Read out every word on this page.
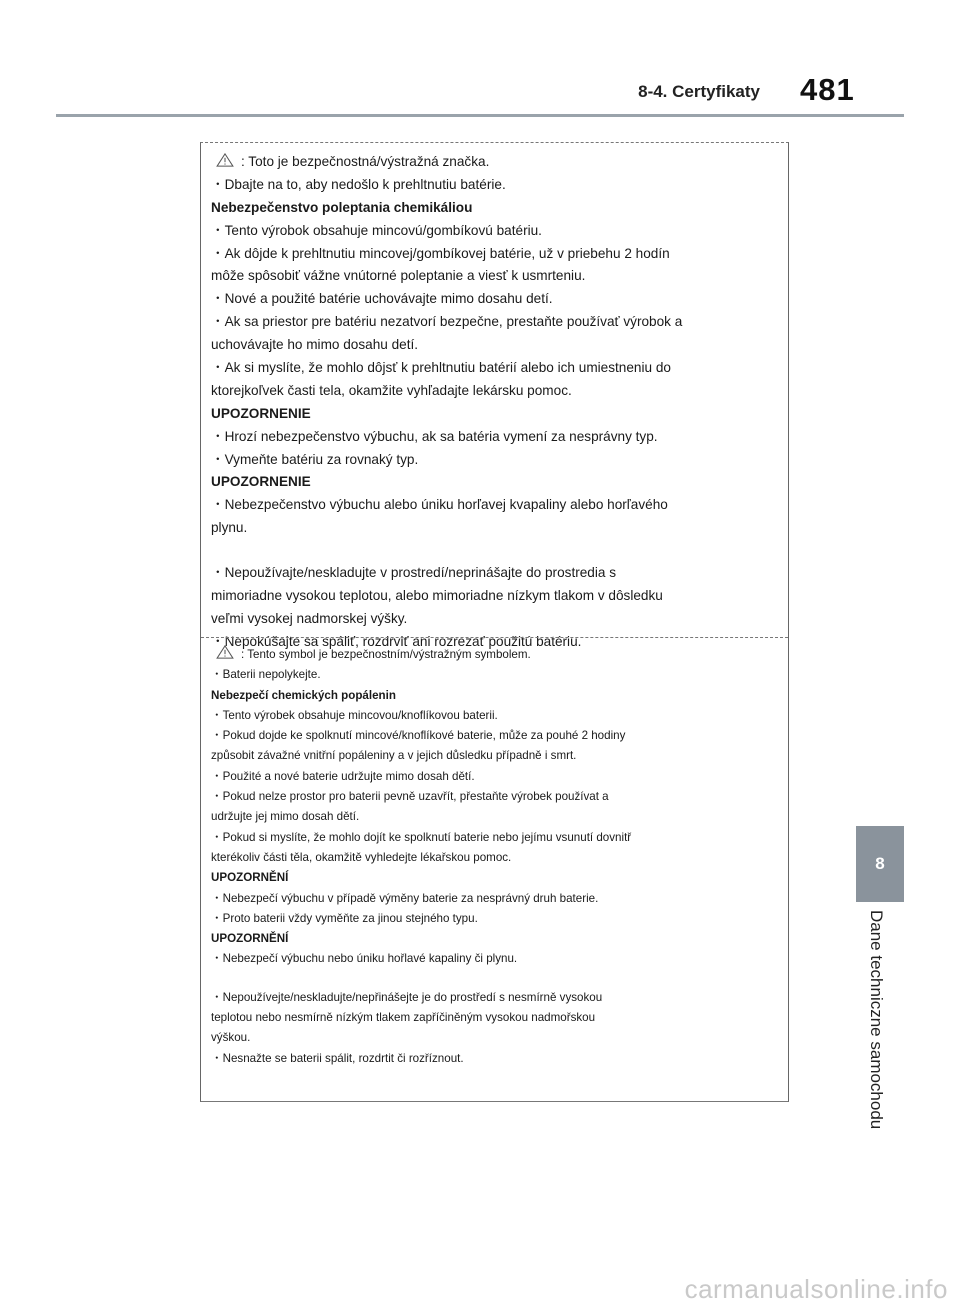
8-4. Certyfikaty 481
8
Dane techniczne samochodu
: Toto je bezpečnostná/výstražná značka.
・Dbajte na to, aby nedošlo k prehltnutiu batérie.
Nebezpečenstvo poleptania chemikáliou
・Tento výrobok obsahuje mincovú/gombíkovú batériu.
・Ak dôjde k prehltnutiu mincovej/gombíkovej batérie, už v priebehu 2 hodín
môže spôsobiť vážne vnútorné poleptanie a viesť k usmrteniu.
・Nové a použité batérie uchovávajte mimo dosahu detí.
・Ak sa priestor pre batériu nezatvorí bezpečne, prestaňte používať výrobok a
uchovávajte ho mimo dosahu detí.
・Ak si myslíte, že mohlo dôjsť k prehltnutiu batérií alebo ich umiestneniu do
ktorejkoľvek časti tela, okamžite vyhľadajte lekársku pomoc.
UPOZORNENIE
・Hrozí nebezpečenstvo výbuchu, ak sa batéria vymení za nesprávny typ.
・Vymeňte batériu za rovnaký typ.
UPOZORNENIE
・Nebezpečenstvo výbuchu alebo úniku horľavej kvapaliny alebo horľavého
plynu.
・Nepoužívajte/neskladujte v prostredí/neprinášajte do prostredia s
mimoriadne vysokou teplotou, alebo mimoriadne nízkym tlakom v dôsledku
veľmi vysokej nadmorskej výšky.
・Nepokúšajte sa spáliť, rozdrviť ani rozrezať použitú batériu.
: Tento symbol je bezpečnostním/výstražným symbolem.
・Baterii nepolykejte.
Nebezpečí chemických popálenin
・Tento výrobek obsahuje mincovou/knoflíkovou baterii.
・Pokud dojde ke spolknutí mincové/knoflíkové baterie, může za pouhé 2 hodiny
způsobit závažné vnitřní popáleniny a v jejich důsledku případně i smrt.
・Použité a nové baterie udržujte mimo dosah dětí.
・Pokud nelze prostor pro baterii pevně uzavřít, přestaňte výrobek používat a
udržujte jej mimo dosah dětí.
・Pokud si myslíte, že mohlo dojít ke spolknutí baterie nebo jejímu vsunutí dovnitř
kterékoliv části těla, okamžitě vyhledejte lékařskou pomoc.
UPOZORNĚNÍ
・Nebezpečí výbuchu v případě výměny baterie za nesprávný druh baterie.
・Proto baterii vždy vyměňte za jinou stejného typu.
UPOZORNĚNÍ
・Nebezpečí výbuchu nebo úniku hořlavé kapaliny či plynu.
・Nepoužívejte/neskladujte/nepřinášejte je do prostředí s nesmírně vysokou
teplotou nebo nesmírně nízkým tlakem zapříčiněným vysokou nadmořskou
výškou.
・Nesnažte se baterii spálit, rozdrtit či rozříznout.
carmanualsonline.info
